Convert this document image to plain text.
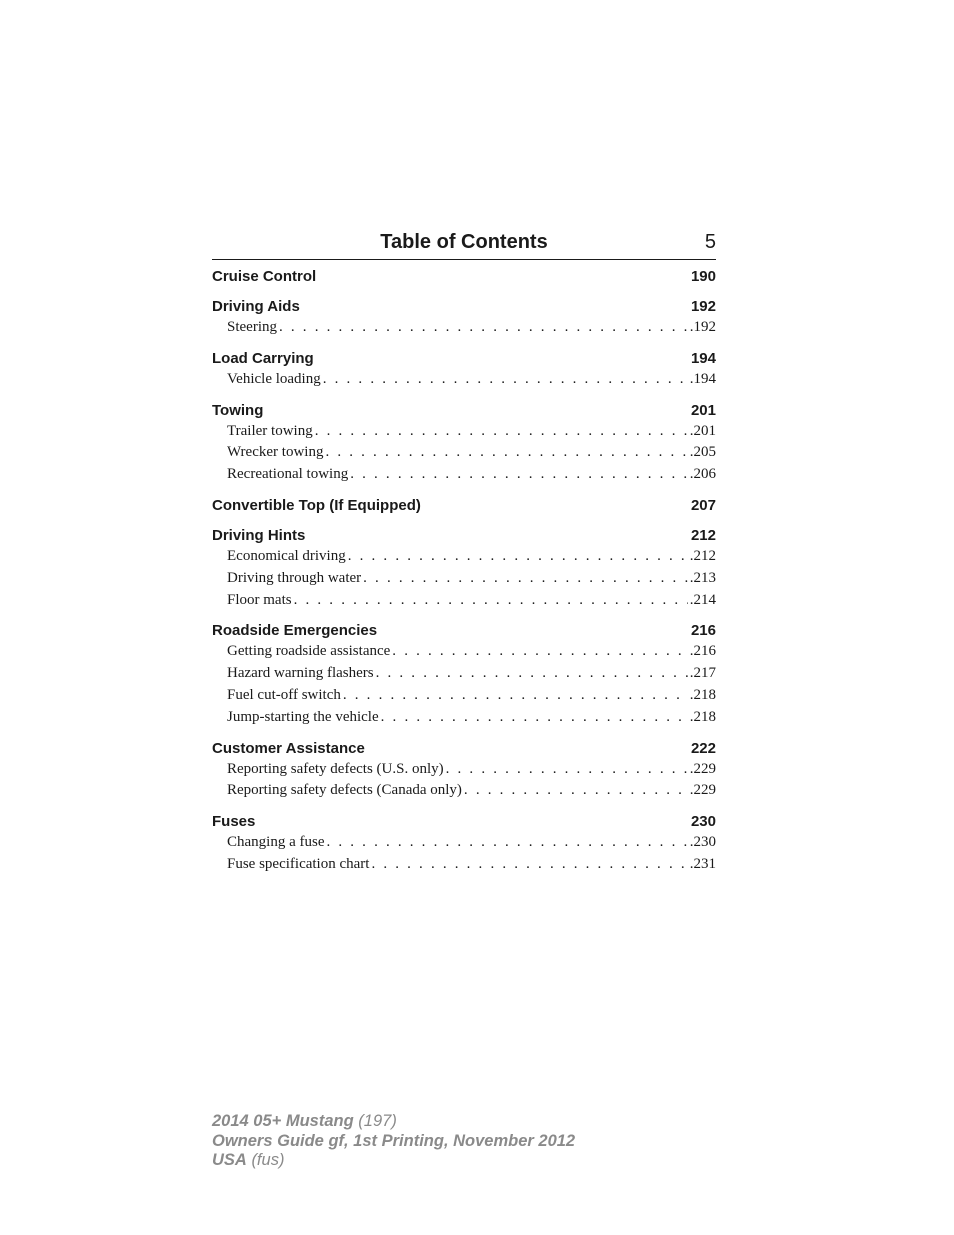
Table of Contents	5
Cruise Control	190
Driving Aids	192
Steering . . .	.192
Load Carrying	194
Vehicle loading . . .	.194
Towing	201
Trailer towing . . .	.201
Wrecker towing . . .	.205
Recreational towing . . .	.206
Convertible Top (If Equipped)	207
Driving Hints	212
Economical driving . . .	.212
Driving through water . . .	.213
Floor mats . . .	.214
Roadside Emergencies	216
Getting roadside assistance . . .	.216
Hazard warning flashers . . .	.217
Fuel cut-off switch . . .	.218
Jump-starting the vehicle . . .	.218
Customer Assistance	222
Reporting safety defects (U.S. only) . . .	.229
Reporting safety defects (Canada only) . . .	.229
Fuses	230
Changing a fuse . . .	.230
Fuse specification chart . . .	.231
2014 05+ Mustang (197)
Owners Guide gf, 1st Printing, November 2012
USA (fus)
